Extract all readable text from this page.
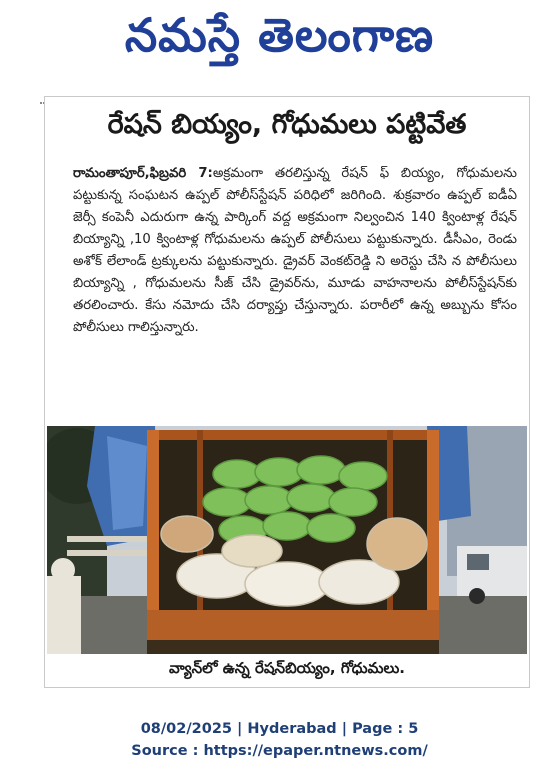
నమస్తే తెలంగాణ
రేషన్‌ బియ్యం, గోధుమలు పట్టివేత
రామంతాపూర్‌,ఫిబ్రవరి 7:అక్రమంగా తరలిస్తున్న రేషన్‌ ఫ్‌ బియ్యం, గోధుమలను పట్టుకున్న సంఘటన ఉప్పల్‌ పోలీస్‌స్టేషన్‌ పరిధిలో జరిగింది. శుక్రవారం ఉప్పల్‌ ఐడీఏ జెర్సీ కంపెనీ ఎదురుగా ఉన్న పార్కింగ్‌ వద్ద అక్రమంగా నిల్వంచిన 140 క్వింటాళ్ల రేషన్‌ బియ్యాన్ని ,10 క్వింటాళ్ల గోధుమలను ఉప్పల్‌ పోలీసులు పట్టుకున్నారు. డీసీఎం, రెండు అశోక్‌ లేలాండ్‌ ట్రక్కులను పట్టుకున్నారు. డ్రైవర్‌ వెంకట్‌రెడ్డి ని అరెస్టు చేసి న పోలీసులు బియ్యాన్ని , గోధుమలను సీజ్‌ చేసి డ్రైవర్‌ను, మూడు వాహనాలను పోలీస్‌స్టేషన్‌కు తరలించారు. కేసు నమోదు చేసి దర్యాప్తు చేస్తున్నారు. పరారీలో ఉన్న అబ్బును కోసం పోలీసులు గాలిస్తున్నారు.
వ్యాన్‌లో ఉన్న రేషన్‌బియ్యం, గోధుమలు.
08/02/2025 | Hyderabad | Page : 5
Source : https://epaper.ntnews.com/
